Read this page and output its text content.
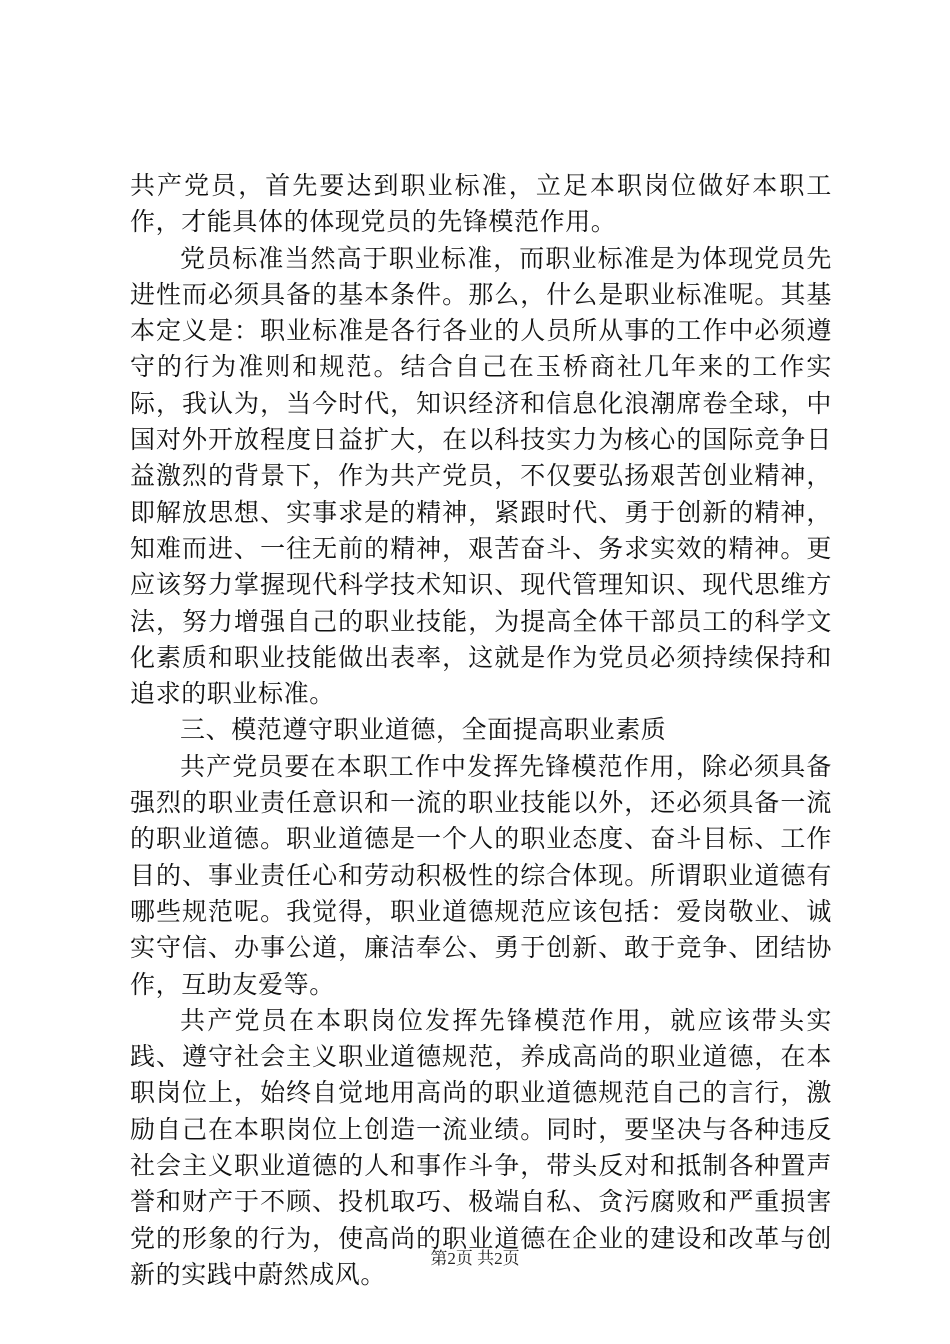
共产党员，首先要达到职业标准，立足本职岗位做好本职工作，才能具体的体现党员的先锋模范作用。

党员标准当然高于职业标准，而职业标准是为体现党员先进性而必须具备的基本条件。那么，什么是职业标准呢。其基本定义是：职业标准是各行各业的人员所从事的工作中必须遵守的行为准则和规范。结合自己在玉桥商社几年来的工作实际，我认为，当今时代，知识经济和信息化浪潮席卷全球，中国对外开放程度日益扩大，在以科技实力为核心的国际竞争日益激烈的背景下，作为共产党员，不仅要弘扬艰苦创业精神，即解放思想、实事求是的精神，紧跟时代、勇于创新的精神，知难而进、一往无前的精神，艰苦奋斗、务求实效的精神。更应该努力掌握现代科学技术知识、现代管理知识、现代思维方法，努力增强自己的职业技能，为提高全体干部员工的科学文化素质和职业技能做出表率，这就是作为党员必须持续保持和追求的职业标准。

三、模范遵守职业道德，全面提高职业素质

共产党员要在本职工作中发挥先锋模范作用，除必须具备强烈的职业责任意识和一流的职业技能以外，还必须具备一流的职业道德。职业道德是一个人的职业态度、奋斗目标、工作目的、事业责任心和劳动积极性的综合体现。所谓职业道德有哪些规范呢。我觉得，职业道德规范应该包括：爱岗敬业、诚实守信、办事公道，廉洁奉公、勇于创新、敢于竞争、团结协作，互助友爱等。

共产党员在本职岗位发挥先锋模范作用，就应该带头实践、遵守社会主义职业道德规范，养成高尚的职业道德，在本职岗位上，始终自觉地用高尚的职业道德规范自己的言行，激励自己在本职岗位上创造一流业绩。同时，要坚决与各种违反社会主义职业道德的人和事作斗争，带头反对和抵制各种置声誉和财产于不顾、投机取巧、极端自私、贪污腐败和严重损害党的形象的行为，使高尚的职业道德在企业的建设和改革与创新的实践中蔚然成风。

第2页 共2页
